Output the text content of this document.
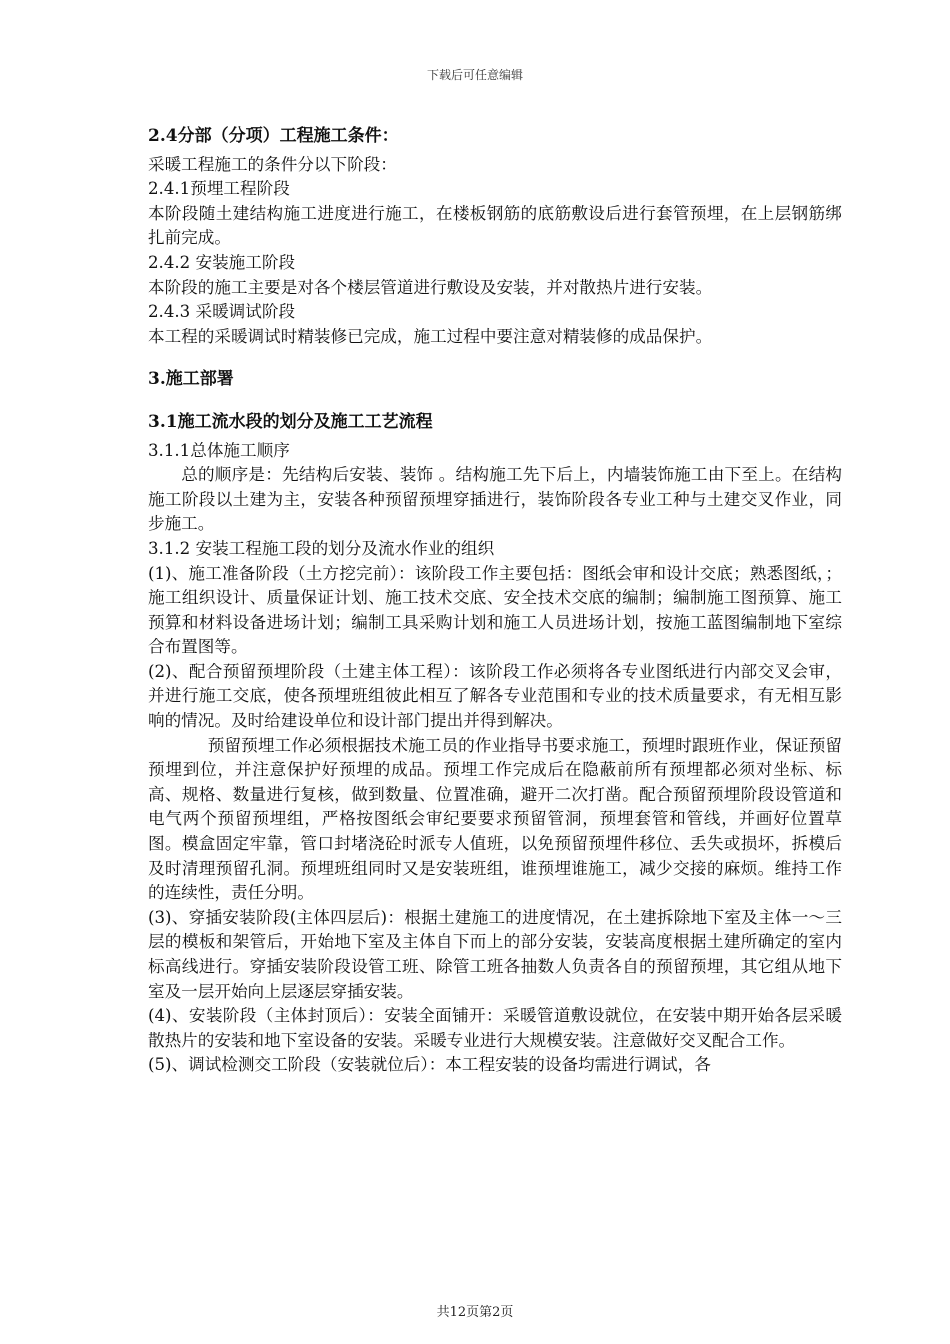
下载后可任意编辑

2.4分部（分项）工程施工条件：

采暖工程施工的条件分以下阶段：

2.4.1预埋工程阶段

本阶段随土建结构施工进度进行施工，在楼板钢筋的底筋敷设后进行套管预埋，在上层钢筋绑扎前完成。

2.4.2 安装施工阶段

本阶段的施工主要是对各个楼层管道进行敷设及安装，并对散热片进行安装。

2.4.3 采暖调试阶段

本工程的采暖调试时精装修已完成，施工过程中要注意对精装修的成品保护。

3.施工部署

3.1施工流水段的划分及施工工艺流程

3.1.1总体施工顺序

总的顺序是：先结构后安装、装饰 。结构施工先下后上，内墙装饰施工由下至上。在结构施工阶段以土建为主，安装各种预留预埋穿插进行，装饰阶段各专业工种与土建交叉作业，同步施工。

3.1.2 安装工程施工段的划分及流水作业的组织

(1)、施工准备阶段（土方挖完前）：该阶段工作主要包括：图纸会审和设计交底；熟悉图纸，；施工组织设计、质量保证计划、施工技术交底、安全技术交底的编制；编制施工图预算、施工预算和材料设备进场计划；编制工具采购计划和施工人员进场计划，按施工蓝图编制地下室综合布置图等。

(2)、配合预留预埋阶段（土建主体工程）：该阶段工作必须将各专业图纸进行内部交叉会审，并进行施工交底，使各预埋班组彼此相互了解各专业范围和专业的技术质量要求，有无相互影响的情况。及时给建设单位和设计部门提出并得到解决。

预留预埋工作必须根据技术施工员的作业指导书要求施工，预埋时跟班作业，保证预留预埋到位，并注意保护好预埋的成品。预埋工作完成后在隐蔽前所有预埋都必须对坐标、标高、规格、数量进行复核，做到数量、位置准确，避开二次打凿。配合预留预埋阶段设管道和电气两个预留预埋组，严格按图纸会审纪要要求预留管洞，预埋套管和管线，并画好位置草图。模盒固定牢靠，管口封堵浇砼时派专人值班，以免预留预埋件移位、丢失或损坏，拆模后及时清理预留孔洞。预埋班组同时又是安装班组，谁预埋谁施工，减少交接的麻烦。维持工作的连续性，责任分明。

(3)、穿插安装阶段(主体四层后)：根据土建施工的进度情况，在土建拆除地下室及主体一～三层的模板和架管后，开始地下室及主体自下而上的部分安装，安装高度根据土建所确定的室内标高线进行。穿插安装阶段设管工班、除管工班各抽数人负责各自的预留预埋，其它组从地下室及一层开始向上层逐层穿插安装。

(4)、安装阶段（主体封顶后）：安装全面铺开：采暖管道敷设就位，在安装中期开始各层采暖散热片的安装和地下室设备的安装。采暖专业进行大规模安装。注意做好交叉配合工作。

(5)、调试检测交工阶段（安装就位后）：本工程安装的设备均需进行调试，各

共12页第2页
